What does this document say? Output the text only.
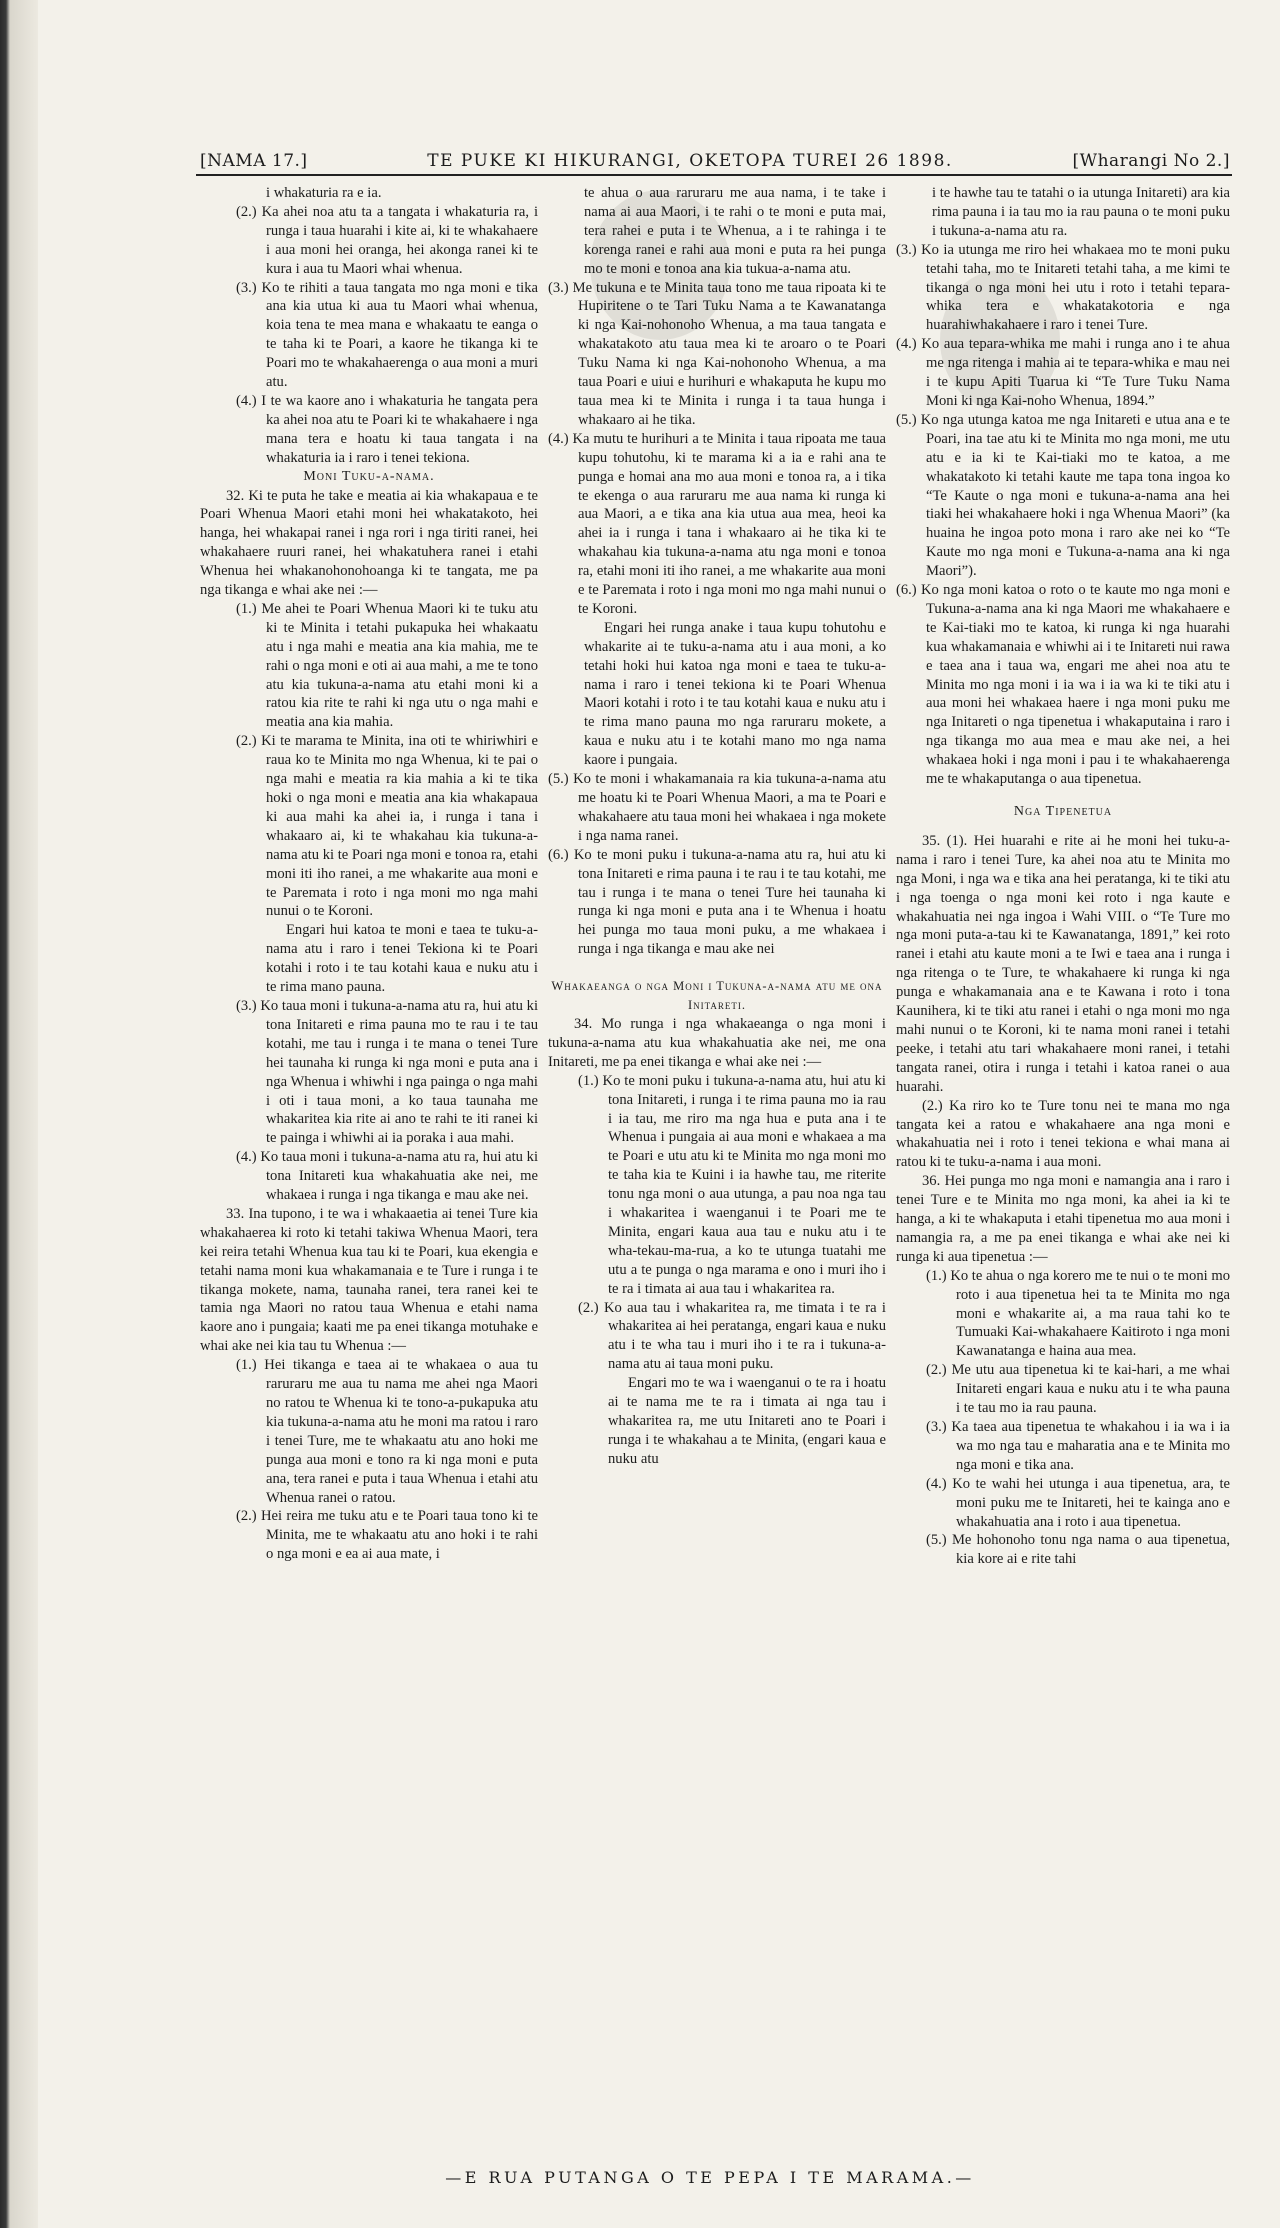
[NAMA 17.]	TE PUKE KI HIKURANGI, OKETOPA TUREI 26 1898.	[Wharangi No 2.]

i whakaturia ra e ia.

(2.) Ka ahei noa atu ta a tangata i whakaturia ra, i runga i taua huarahi i kite ai, ki te whakahaere i aua moni hei oranga, hei akonga ranei ki te kura i aua tu Maori whai whenua.

(3.) Ko te rihiti a taua tangata mo nga moni e tika ana kia utua ki aua tu Maori whai whenua, koia tena te mea mana e whakaatu te eanga o te taha ki te Poari, a kaore he tikanga ki te Poari mo te whakahaerenga o aua moni a muri atu.

(4.) I te wa kaore ano i whakaturia he tangata pera ka ahei noa atu te Poari ki te whakahaere i nga mana tera e hoatu ki taua tangata i na whakaturia ia i raro i tenei tekiona.

Moni Tuku-a-nama.

32. Ki te puta he take e meatia ai kia whakapaua e te Poari Whenua Maori etahi moni hei whakatakoto, hei hanga, hei whakapai ranei i nga rori i nga tiriti ranei, hei whakahaere ruuri ranei, hei whakatuhera ranei i etahi Whenua hei whakanohonohoanga ki te tangata, me pa nga tikanga e whai ake nei :—

(1.) Me ahei te Poari Whenua Maori ki te tuku atu ki te Minita i tetahi pukapuka hei whakaatu atu i nga mahi e meatia ana kia mahia, me te rahi o nga moni e oti ai aua mahi, a me te tono atu kia tukuna-a-nama atu etahi moni ki a ratou kia rite te rahi ki nga utu o nga mahi e meatia ana kia mahia.

(2.) Ki te marama te Minita, ina oti te whiriwhiri e raua ko te Minita mo nga Whenua, ki te pai o nga mahi e meatia ra kia mahia a ki te tika hoki o nga moni e meatia ana kia whakapaua ki aua mahi ka ahei ia, i runga i tana i whakaaro ai, ki te whakahau kia tukuna-a-nama atu ki te Poari nga moni e tonoa ra, etahi moni iti iho ranei, a me whakarite aua moni e te Paremata i roto i nga moni mo nga mahi nunui o te Koroni.

Engari hui katoa te moni e taea te tuku-a-nama atu i raro i tenei Tekiona ki te Poari kotahi i roto i te tau kotahi kaua e nuku atu i te rima mano pauna.

(3.) Ko taua moni i tukuna-a-nama atu ra, hui atu ki tona Initareti e rima pauna mo te rau i te tau kotahi, me tau i runga i te mana o tenei Ture hei taunaha ki runga ki nga moni e puta ana i nga Whenua i whiwhi i nga painga o nga mahi i oti i taua moni, a ko taua taunaha me whakaritea kia rite ai ano te rahi te iti ranei ki te painga i whiwhi ai ia poraka i aua mahi.

(4.) Ko taua moni i tukuna-a-nama atu ra, hui atu ki tona Initareti kua whakahuatia ake nei, me whakaea i runga i nga tikanga e mau ake nei.

33. Ina tupono, i te wa i whakaaetia ai tenei Ture kia whakahaerea ki roto ki tetahi takiwa Whenua Maori, tera kei reira tetahi Whenua kua tau ki te Poari, kua ekengia e tetahi nama moni kua whakamanaia e te Ture i runga i te tikanga mokete, nama, taunaha ranei, tera ranei kei te tamia nga Maori no ratou taua Whenua e etahi nama kaore ano i pungaia; kaati me pa enei tikanga motuhake e whai ake nei kia tau tu Whenua :—

(1.) Hei tikanga e taea ai te whakaea o aua tu raruraru me aua tu nama me ahei nga Maori no ratou te Whenua ki te tono-a-pukapuka atu kia tukuna-a-nama atu he moni ma ratou i raro i tenei Ture, me te whakaatu atu ano hoki me punga aua moni e tono ra ki nga moni e puta ana, tera ranei e puta i taua Whenua i etahi atu Whenua ranei o ratou.

(2.) Hei reira me tuku atu e te Poari taua tono ki te Minita, me te whakaatu atu ano hoki i te rahi o nga moni e ea ai aua mate, i

te ahua o aua raruraru me aua nama, i te take i nama ai aua Maori, i te rahi o te moni e puta mai, tera rahei e puta i te Whenua, a i te rahinga i te korenga ranei e rahi aua moni e puta ra hei punga mo te moni e tonoa ana kia tukua-a-nama atu.

(3.) Me tukuna e te Minita taua tono me taua ripoata ki te Hupiritene o te Tari Tuku Nama a te Kawanatanga ki nga Kai-nohonoho Whenua, a ma taua tangata e whakatakoto atu taua mea ki te aroaro o te Poari Tuku Nama ki nga Kai-nohonoho Whenua, a ma taua Poari e uiui e hurihuri e whakaputa he kupu mo taua mea ki te Minita i runga i ta taua hunga i whakaaro ai he tika.

(4.) Ka mutu te hurihuri a te Minita i taua ripoata me taua kupu tohutohu, ki te marama ki a ia e rahi ana te punga e homai ana mo aua moni e tonoa ra, a i tika te ekenga o aua raruraru me aua nama ki runga ki aua Maori, a e tika ana kia utua aua mea, heoi ka ahei ia i runga i tana i whakaaro ai he tika ki te whakahau kia tukuna-a-nama atu nga moni e tonoa ra, etahi moni iti iho ranei, a me whakarite aua moni e te Paremata i roto i nga moni mo nga mahi nunui o te Koroni.

Engari hei runga anake i taua kupu tohutohu e whakarite ai te tuku-a-nama atu i aua moni, a ko tetahi hoki hui katoa nga moni e taea te tuku-a-nama i raro i tenei tekiona ki te Poari Whenua Maori kotahi i roto i te tau kotahi kaua e nuku atu i te rima mano pauna mo nga raruraru mokete, a kaua e nuku atu i te kotahi mano mo nga nama kaore i pungaia.

(5.) Ko te moni i whakamanaia ra kia tukuna-a-nama atu me hoatu ki te Poari Whenua Maori, a ma te Poari e whakahaere atu taua moni hei whakaea i nga mokete i nga nama ranei.

(6.) Ko te moni puku i tukuna-a-nama atu ra, hui atu ki tona Initareti e rima pauna i te rau i te tau kotahi, me tau i runga i te mana o tenei Ture hei taunaha ki runga ki nga moni e puta ana i te Whenua i hoatu hei punga mo taua moni puku, a me whakaea i runga i nga tikanga e mau ake nei

Whakaeanga o nga Moni i Tukuna-a-nama atu me ona Initareti.

34. Mo runga i nga whakaeanga o nga moni i tukuna-a-nama atu kua whakahuatia ake nei, me ona Initareti, me pa enei tikanga e whai ake nei :—

(1.) Ko te moni puku i tukuna-a-nama atu, hui atu ki tona Initareti, i runga i te rima pauna mo ia rau i ia tau, me riro ma nga hua e puta ana i te Whenua i pungaia ai aua moni e whakaea a ma te Poari e utu atu ki te Minita mo nga moni mo te taha kia te Kuini i ia hawhe tau, me riterite tonu nga moni o aua utunga, a pau noa nga tau i whakaritea i waenganui i te Poari me te Minita, engari kaua aua tau e nuku atu i te wha-tekau-ma-rua, a ko te utunga tuatahi me utu a te punga o nga marama e ono i muri iho i te ra i timata ai aua tau i whakaritea ra.

(2.) Ko aua tau i whakaritea ra, me timata i te ra i whakaritea ai hei peratanga, engari kaua e nuku atu i te wha tau i muri iho i te ra i tukuna-a-nama atu ai taua moni puku.

Engari mo te wa i waenganui o te ra i hoatu ai te nama me te ra i timata ai nga tau i whakaritea ra, me utu Initareti ano te Poari i runga i te whakahau a te Minita, (engari kaua e nuku atu

i te hawhe tau te tatahi o ia utunga Initareti) ara kia rima pauna i ia tau mo ia rau pauna o te moni puku i tukuna-a-nama atu ra.

(3.) Ko ia utunga me riro hei whakaea mo te moni puku tetahi taha, mo te Initareti tetahi taha, a me kimi te tikanga o nga moni hei utu i roto i tetahi tepara-whika tera e whakatakotoria e nga huarahiwhakahaere i raro i tenei Ture.

(4.) Ko aua tepara-whika me mahi i runga ano i te ahua me nga ritenga i mahia ai te tepara-whika e mau nei i te kupu Apiti Tuarua ki “Te Ture Tuku Nama Moni ki nga Kai-noho Whenua, 1894.”

(5.) Ko nga utunga katoa me nga Initareti e utua ana e te Poari, ina tae atu ki te Minita mo nga moni, me utu atu e ia ki te Kai-tiaki mo te katoa, a me whakatakoto ki tetahi kaute me tapa tona ingoa ko “Te Kaute o nga moni e tukuna-a-nama ana hei tiaki hei whakahaere hoki i nga Whenua Maori” (ka huaina he ingoa poto mona i raro ake nei ko “Te Kaute mo nga moni e Tukuna-a-nama ana ki nga Maori”).

(6.) Ko nga moni katoa o roto o te kaute mo nga moni e Tukuna-a-nama ana ki nga Maori me whakahaere e te Kai-tiaki mo te katoa, ki runga ki nga huarahi kua whakamanaia e whiwhi ai i te Initareti nui rawa e taea ana i taua wa, engari me ahei noa atu te Minita mo nga moni i ia wa i ia wa ki te tiki atu i aua moni hei whakaea haere i nga moni puku me nga Initareti o nga tipenetua i whakaputaina i raro i nga tikanga mo aua mea e mau ake nei, a hei whakaea hoki i nga moni i pau i te whakahaerenga me te whakaputanga o aua tipenetua.

Nga Tipenetua

35. (1). Hei huarahi e rite ai he moni hei tuku-a-nama i raro i tenei Ture, ka ahei noa atu te Minita mo nga Moni, i nga wa e tika ana hei peratanga, ki te tiki atu i nga toenga o nga moni kei roto i nga kaute e whakahuatia nei nga ingoa i Wahi VIII. o “Te Ture mo nga moni puta-a-tau ki te Kawanatanga, 1891,” kei roto ranei i etahi atu kaute moni a te Iwi e taea ana i runga i nga ritenga o te Ture, te whakahaere ki runga ki nga punga e whakamanaia ana e te Kawana i roto i tona Kaunihera, ki te tiki atu ranei i etahi o nga moni mo nga mahi nunui o te Koroni, ki te nama moni ranei i tetahi peeke, i tetahi atu tari whakahaere moni ranei, i tetahi tangata ranei, otira i runga i tetahi i katoa ranei o aua huarahi.

(2.) Ka riro ko te Ture tonu nei te mana mo nga tangata kei a ratou e whakahaere ana nga moni e whakahuatia nei i roto i tenei tekiona e whai mana ai ratou ki te tuku-a-nama i aua moni.

36. Hei punga mo nga moni e namangia ana i raro i tenei Ture e te Minita mo nga moni, ka ahei ia ki te hanga, a ki te whakaputa i etahi tipenetua mo aua moni i namangia ra, a me pa enei tikanga e whai ake nei ki runga ki aua tipenetua :—

(1.) Ko te ahua o nga korero me te nui o te moni mo roto i aua tipenetua hei ta te Minita mo nga moni e whakarite ai, a ma raua tahi ko te Tumuaki Kai-whakahaere Kaitiroto i nga moni Kawanatanga e haina aua mea.

(2.) Me utu aua tipenetua ki te kai-hari, a me whai Initareti engari kaua e nuku atu i te wha pauna i te tau mo ia rau pauna.

(3.) Ka taea aua tipenetua te whakahou i ia wa i ia wa mo nga tau e maharatia ana e te Minita mo nga moni e tika ana.

(4.) Ko te wahi hei utunga i aua tipenetua, ara, te moni puku me te Initareti, hei te kainga ano e whakahuatia ana i roto i aua tipenetua.

(5.) Me hohonoho tonu nga nama o aua tipenetua, kia kore ai e rite tahi

—E RUA PUTANGA O TE PEPA I TE MARAMA.—
